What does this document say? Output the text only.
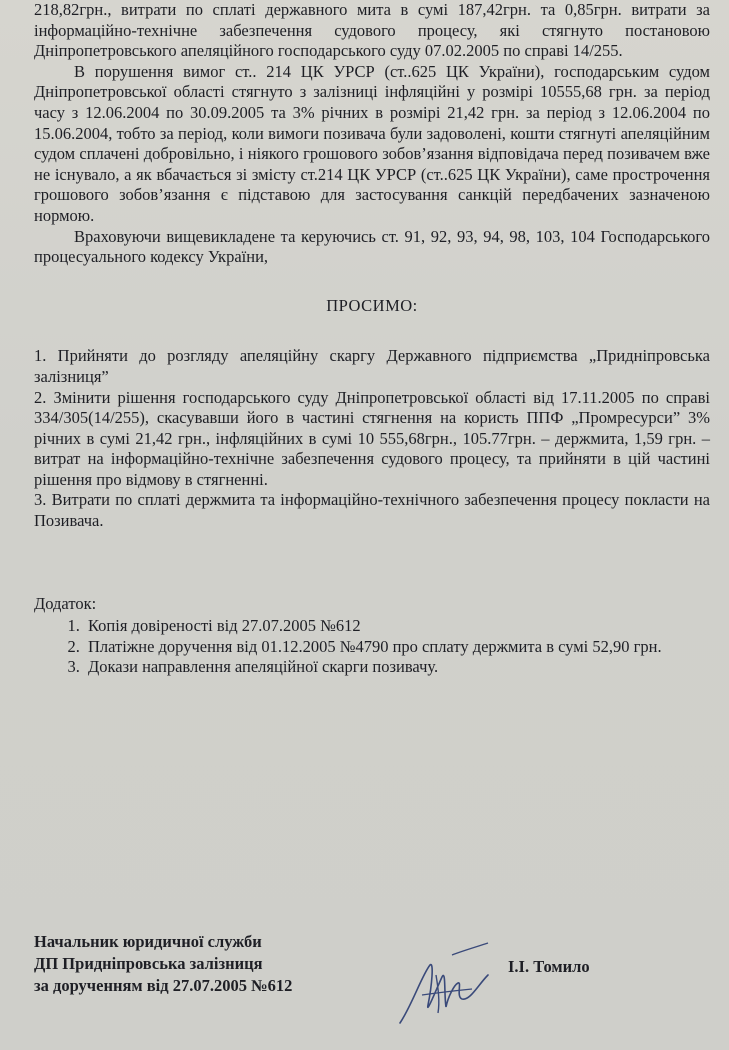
218,82грн., витрати по сплаті державного мита в сумі 187,42грн. та 0,85грн. витрати за інформаційно-технічне забезпечення судового процесу, які стягнуто постановою Дніпропетровського апеляційного господарського суду 07.02.2005 по справі 14/255.

В порушення вимог ст.. 214 ЦК УРСР (ст..625 ЦК України), господарським судом Дніпропетровської області стягнуто з залізниці інфляційні у розмірі 10555,68 грн. за період часу з 12.06.2004 по 30.09.2005 та 3% річних в розмірі 21,42 грн. за період з 12.06.2004 по 15.06.2004, тобто за період, коли вимоги позивача були задоволені, кошти стягнуті апеляційним судом сплачені добровільно, і ніякого грошового зобов’язання відповідача перед позивачем вже не існувало, а як вбачається зі змісту ст.214 ЦК УРСР (ст..625 ЦК України), саме прострочення грошового зобов’язання є підставою для застосування санкцій передбачених зазначеною нормою.

Враховуючи вищевикладене та керуючись ст. 91, 92, 93, 94, 98, 103, 104 Господарського процесуального кодексу України,

ПРОСИМО:

1. Прийняти до розгляду апеляційну скаргу Державного підприємства „Придніпровська залізниця”

2. Змінити рішення господарського суду Дніпропетровської області від 17.11.2005 по справі 334/305(14/255), скасувавши його в частині стягнення на користь ППФ „Промресурси” 3% річних в сумі 21,42 грн., інфляційних в сумі 10 555,68грн., 105.77грн. – держмита, 1,59 грн. – витрат на інформаційно-технічне забезпечення судового процесу, та прийняти в цій частині рішення про відмову в стягненні.

3. Витрати по сплаті держмита та інформаційно-технічного забезпечення процесу покласти на Позивача.

Додаток:
1. Копія довіреності від 27.07.2005 №612
2. Платіжне доручення від 01.12.2005 №4790 про сплату держмита в сумі 52,90 грн.
3. Докази направлення апеляційної скарги позивачу.
Начальник юридичної служби
ДП Придніпровська залізниця
за дорученням від 27.07.2005 №612
І.І. Томило
